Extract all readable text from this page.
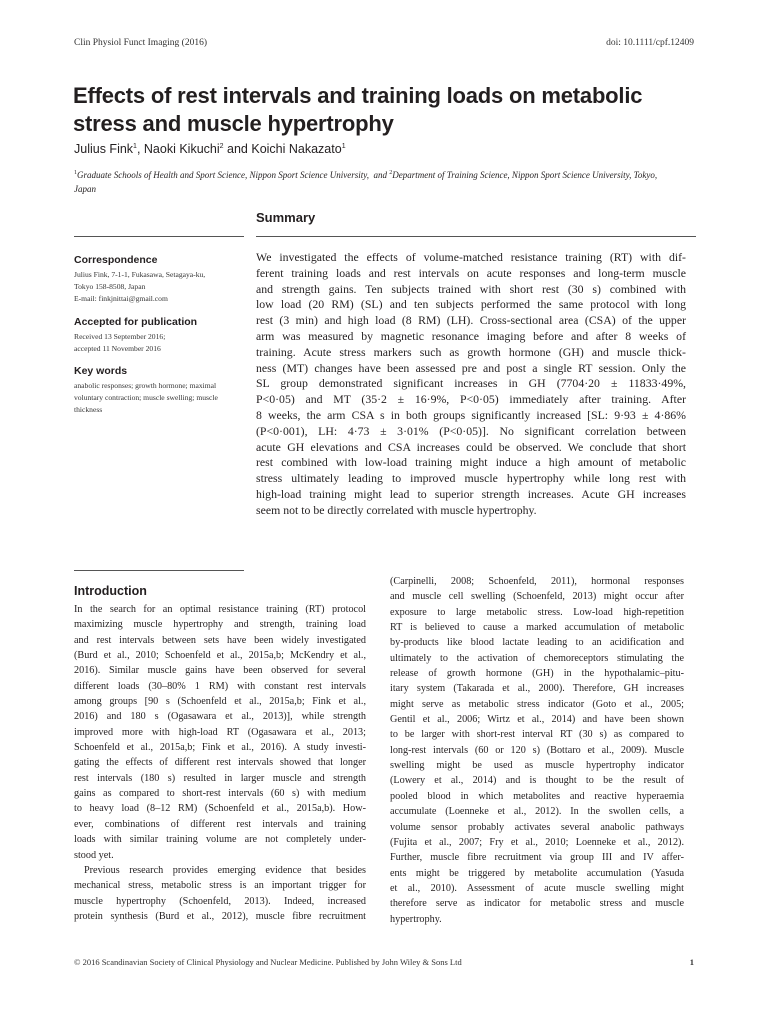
Clin Physiol Funct Imaging (2016)	doi: 10.1111/cpf.12409
Effects of rest intervals and training loads on metabolic stress and muscle hypertrophy
Julius Fink$^1$, Naoki Kikuchi$^2$ and Koichi Nakazato$^1$
$^1$Graduate Schools of Health and Sport Science, Nippon Sport Science University, and $^2$Department of Training Science, Nippon Sport Science University, Tokyo,
Japan
Summary
Correspondence
Julius Fink, 7-1-1, Fukasawa, Setagaya-ku,
Tokyo 158-8508, Japan
E-mail: finkjnittai@gmail.com
Accepted for publication
Received 13 September 2016;
accepted 11 November 2016
Key words
anabolic responses; growth hormone; maximal
voluntary contraction; muscle swelling; muscle
thickness
We investigated the effects of volume-matched resistance training (RT) with dif-
ferent training loads and rest intervals on acute responses and long-term muscle
and strength gains. Ten subjects trained with short rest (30 s) combined with
low load (20 RM) (SL) and ten subjects performed the same protocol with long
rest (3 min) and high load (8 RM) (LH). Cross-sectional area (CSA) of the upper
arm was measured by magnetic resonance imaging before and after 8 weeks of
training. Acute stress markers such as growth hormone (GH) and muscle thick-
ness (MT) changes have been assessed pre and post a single RT session. Only the
SL group demonstrated significant increases in GH (7704·20 ± 11833·49%,
P<0·05) and MT (35·2 ± 16·9%, P<0·05) immediately after training. After
8 weeks, the arm CSA s in both groups significantly increased [SL: 9·93 ± 4·86%
(P<0·001), LH: 4·73 ± 3·01% (P<0·05)]. No significant correlation between
acute GH elevations and CSA increases could be observed. We conclude that short
rest combined with low-load training might induce a high amount of metabolic
stress ultimately leading to improved muscle hypertrophy while long rest with
high-load training might lead to superior strength increases. Acute GH increases
seem not to be directly correlated with muscle hypertrophy.
Introduction
In the search for an optimal resistance training (RT) protocol
maximizing muscle hypertrophy and strength, training load
and rest intervals between sets have been widely investigated
(Burd et al., 2010; Schoenfeld et al., 2015a,b; McKendry et al.,
2016). Similar muscle gains have been observed for several
different loads (30–80% 1 RM) with constant rest intervals
among groups [90 s (Schoenfeld et al., 2015a,b; Fink et al.,
2016) and 180 s (Ogasawara et al., 2013)], while strength
improved more with high-load RT (Ogasawara et al., 2013;
Schoenfeld et al., 2015a,b; Fink et al., 2016). A study investi-
gating the effects of different rest intervals showed that longer
rest intervals (180 s) resulted in larger muscle and strength
gains as compared to short-rest intervals (60 s) with medium
to heavy load (8–12 RM) (Schoenfeld et al., 2015a,b). How-
ever, combinations of different rest intervals and training
loads with similar training volume are not completely under-
stood yet.
Previous research provides emerging evidence that besides
mechanical stress, metabolic stress is an important trigger for
muscle hypertrophy (Schoenfeld, 2013). Indeed, increased
protein synthesis (Burd et al., 2012), muscle fibre recruitment
(Carpinelli, 2008; Schoenfeld, 2011), hormonal responses
and muscle cell swelling (Schoenfeld, 2013) might occur after
exposure to large metabolic stress. Low-load high-repetition
RT is believed to cause a marked accumulation of metabolic
by-products like blood lactate leading to an acidification and
ultimately to the activation of chemoreceptors stimulating the
release of growth hormone (GH) in the hypothalamic–pitu-
itary system (Takarada et al., 2000). Therefore, GH increases
might serve as metabolic stress indicator (Goto et al., 2005;
Gentil et al., 2006; Wirtz et al., 2014) and have been shown
to be larger with short-rest interval RT (30 s) as compared to
long-rest intervals (60 or 120 s) (Bottaro et al., 2009). Muscle
swelling might be used as muscle hypertrophy indicator
(Lowery et al., 2014) and is thought to be the result of
pooled blood in which metabolites and reactive hyperaemia
accumulate (Loenneke et al., 2012). In the swollen cells, a
volume sensor probably activates several anabolic pathways
(Fujita et al., 2007; Fry et al., 2010; Loenneke et al., 2012).
Further, muscle fibre recruitment via group III and IV affer-
ents might be triggered by metabolite accumulation (Yasuda
et al., 2010). Assessment of acute muscle swelling might
therefore serve as indicator for metabolic stress and muscle
hypertrophy.
© 2016 Scandinavian Society of Clinical Physiology and Nuclear Medicine. Published by John Wiley & Sons Ltd	1
